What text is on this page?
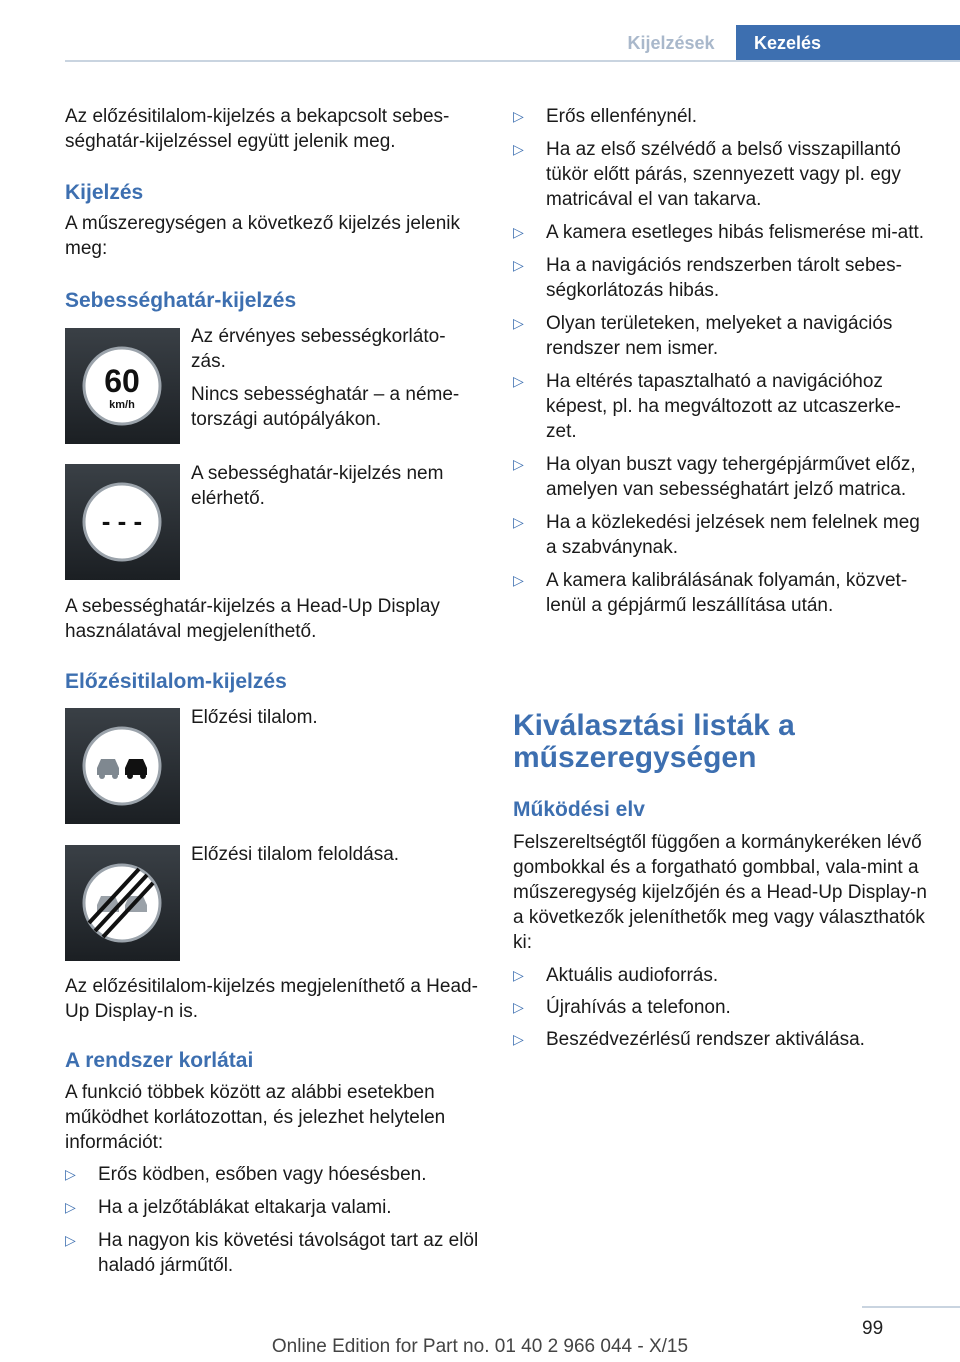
Kijelzések	Kezelés

Az előzésitilalom-kijelzés a bekapcsolt sebes-séghatár-kijelzéssel együtt jelenik meg.

Kijelzés

A műszeregységen a következő kijelzés jelenik meg:

Sebességhatár-kijelzés

60
km/h

Az érvényes sebességkorláto-zás.

Nincs sebességhatár – a néme-tországi autópályákon.

- - -

A sebességhatár-kijelzés nem elérhető.

A sebességhatár-kijelzés a Head-Up Display használatával megjeleníthető.

Előzésitilalom-kijelzés

Előzési tilalom.

Előzési tilalom feloldása.

Az előzésitilalom-kijelzés megjeleníthető a Head-Up Display-n is.

A rendszer korlátai

A funkció többek között az alábbi esetekben működhet korlátozottan, és jelezhet helytelen információt:

▷ Erős ködben, esőben vagy hóesésben.
▷ Ha a jelzőtáblákat eltakarja valami.
▷ Ha nagyon kis követési távolságot tart az elöl haladó járműtől.
▷ Erős ellenfénynél.
▷ Ha az első szélvédő a belső visszapillantó tükör előtt párás, szennyezett vagy pl. egy matricával el van takarva.
▷ A kamera esetleges hibás felismerése mi-att.
▷ Ha a navigációs rendszerben tárolt sebes-ségkorlátozás hibás.
▷ Olyan területeken, melyeket a navigációs rendszer nem ismer.
▷ Ha eltérés tapasztalható a navigációhoz képest, pl. ha megváltozott az utcaszerke-zet.
▷ Ha olyan buszt vagy tehergépjárművet előz, amelyen van sebességhatárt jelző matrica.
▷ Ha a közlekedési jelzések nem felelnek meg a szabványnak.
▷ A kamera kalibrálásának folyamán, közvet-lenül a gépjármű leszállítása után.

Kiválasztási listák a műszeregységen

Működési elv

Felszereltségtől függően a kormánykeréken lévő gombokkal és a forgatható gombbal, vala-mint a műszeregység kijelzőjén és a Head-Up Display-n a következők jeleníthetők meg vagy választhatók ki:

▷ Aktuális audioforrás.
▷ Újrahívás a telefonon.
▷ Beszédvezérlésű rendszer aktiválása.
99
Online Edition for Part no. 01 40 2 966 044 - X/15
